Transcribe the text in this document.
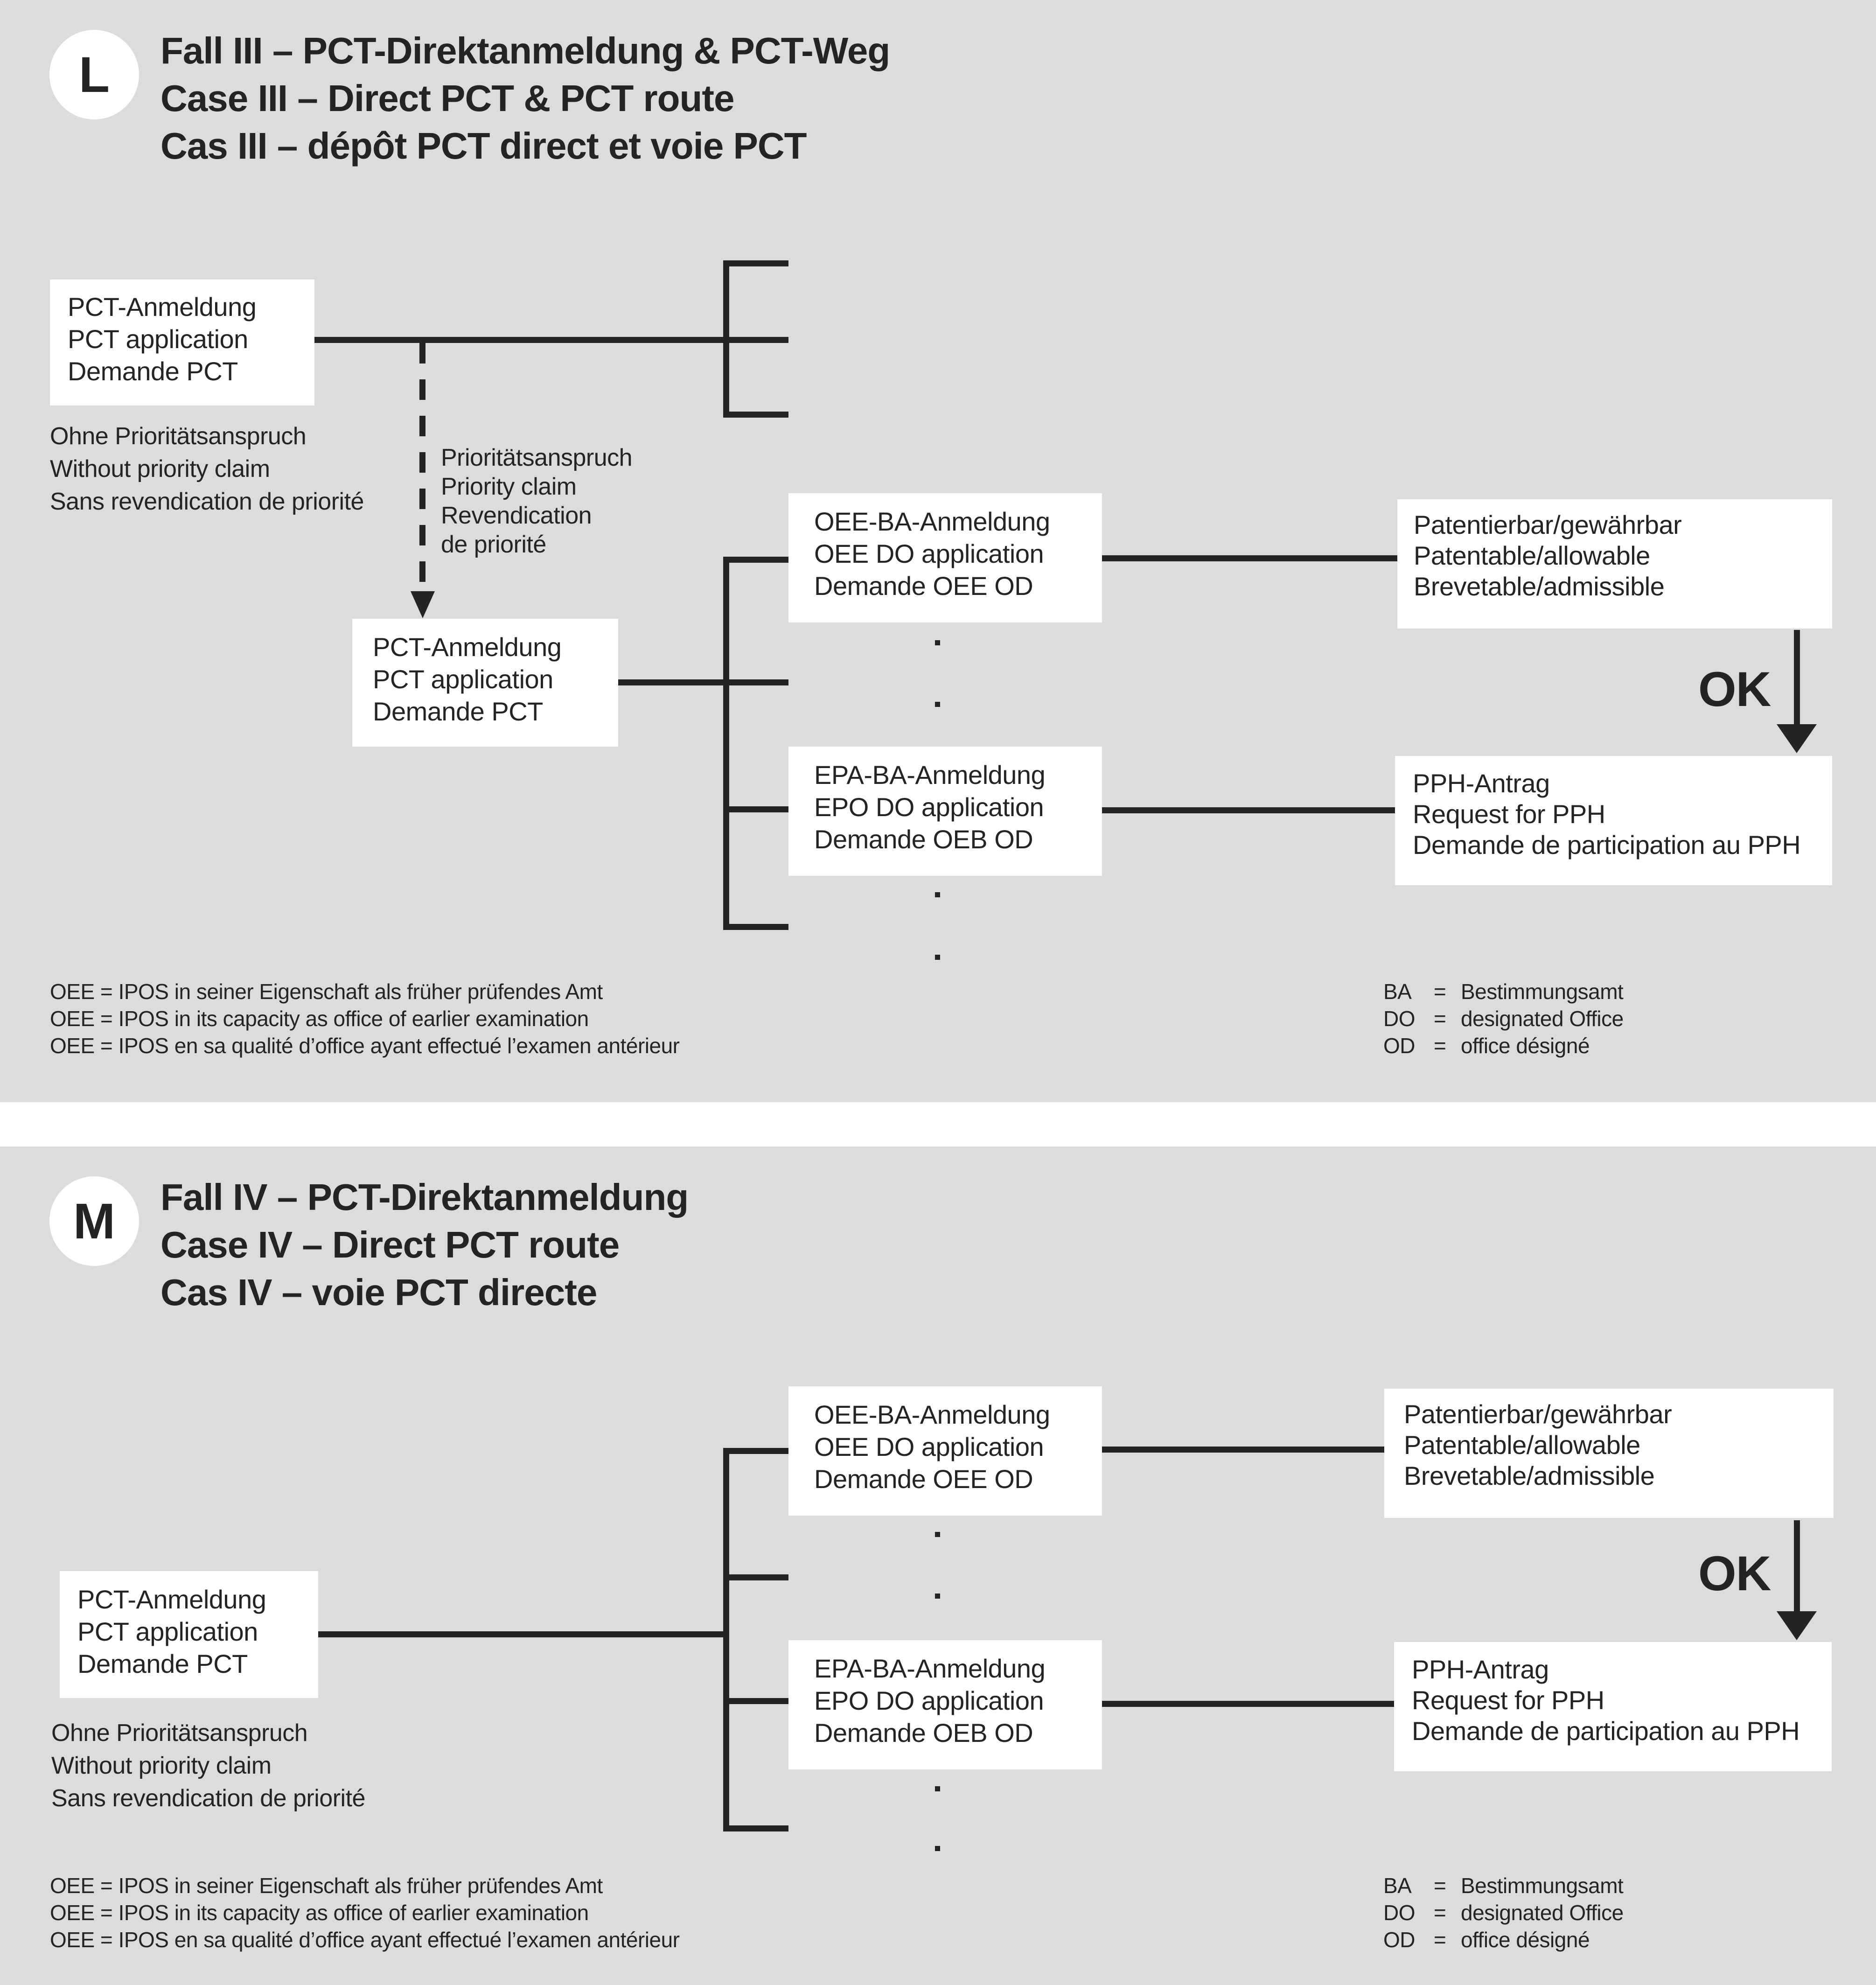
L Fall III – PCT-Direktanmeldung & PCT-Weg
Case III – Direct PCT & PCT route
Cas III – dépôt PCT direct et voie PCT
PCT-Anmeldung
PCT application
Demande PCT
Ohne Prioritätsanspruch
Without priority claim
Sans revendication de priorité
Prioritätsanspruch
Priority claim
Revendication
de priorité
PCT-Anmeldung
PCT application
Demande PCT
OEE-BA-Anmeldung
OEE DO application
Demande OEE OD
EPA-BA-Anmeldung
EPO DO application
Demande OEB OD
Patentierbar/gewährbar
Patentable/allowable
Brevetable/admissible
OK
PPH-Antrag
Request for PPH
Demande de participation au PPH
OEE = IPOS in seiner Eigenschaft als früher prüfendes Amt
OEE = IPOS in its capacity as office of earlier examination
OEE = IPOS en sa qualité d’office ayant effectué l’examen antérieur
BA = Bestimmungsamt
DO = designated Office
OD = office désigné
M Fall IV – PCT-Direktanmeldung
Case IV – Direct PCT route
Cas IV – voie PCT directe
PCT-Anmeldung
PCT application
Demande PCT
Ohne Prioritätsanspruch
Without priority claim
Sans revendication de priorité
OEE-BA-Anmeldung
OEE DO application
Demande OEE OD
EPA-BA-Anmeldung
EPO DO application
Demande OEB OD
Patentierbar/gewährbar
Patentable/allowable
Brevetable/admissible
OK
PPH-Antrag
Request for PPH
Demande de participation au PPH
OEE = IPOS in seiner Eigenschaft als früher prüfendes Amt
OEE = IPOS in its capacity as office of earlier examination
OEE = IPOS en sa qualité d’office ayant effectué l’examen antérieur
BA = Bestimmungsamt
DO = designated Office
OD = office désigné
